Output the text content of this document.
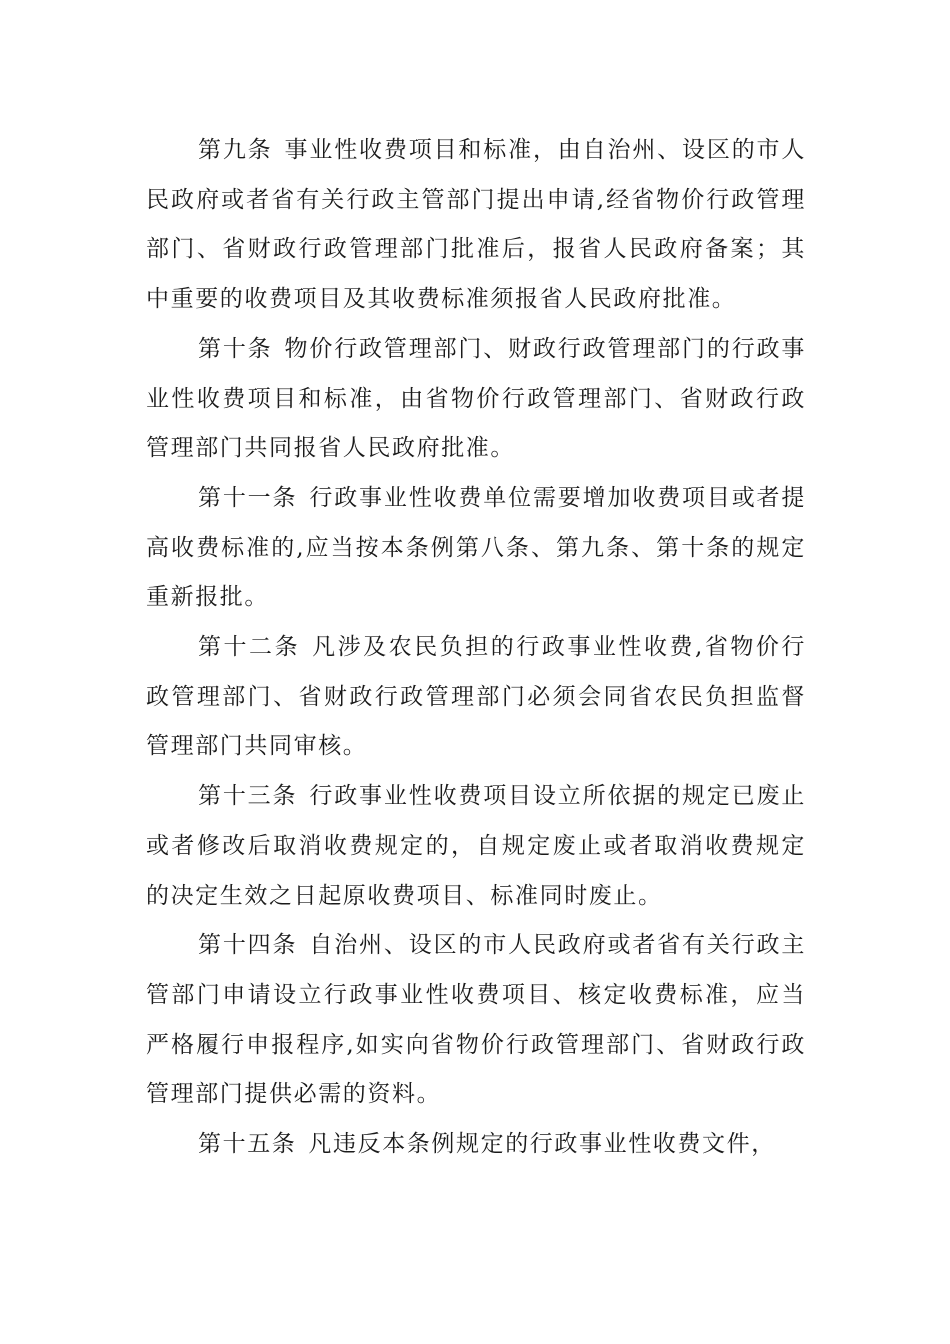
第九条 事业性收费项目和标准，由自治州、设区的市人民政府或者省有关行政主管部门提出申请,经省物价行政管理部门、省财政行政管理部门批准后，报省人民政府备案；其中重要的收费项目及其收费标准须报省人民政府批准。

第十条 物价行政管理部门、财政行政管理部门的行政事业性收费项目和标准，由省物价行政管理部门、省财政行政管理部门共同报省人民政府批准。

第十一条 行政事业性收费单位需要增加收费项目或者提高收费标准的,应当按本条例第八条、第九条、第十条的规定重新报批。

第十二条 凡涉及农民负担的行政事业性收费,省物价行政管理部门、省财政行政管理部门必须会同省农民负担监督管理部门共同审核。

第十三条 行政事业性收费项目设立所依据的规定已废止或者修改后取消收费规定的，自规定废止或者取消收费规定的决定生效之日起原收费项目、标准同时废止。

第十四条 自治州、设区的市人民政府或者省有关行政主管部门申请设立行政事业性收费项目、核定收费标准，应当严格履行申报程序,如实向省物价行政管理部门、省财政行政管理部门提供必需的资料。

第十五条 凡违反本条例规定的行政事业性收费文件，
